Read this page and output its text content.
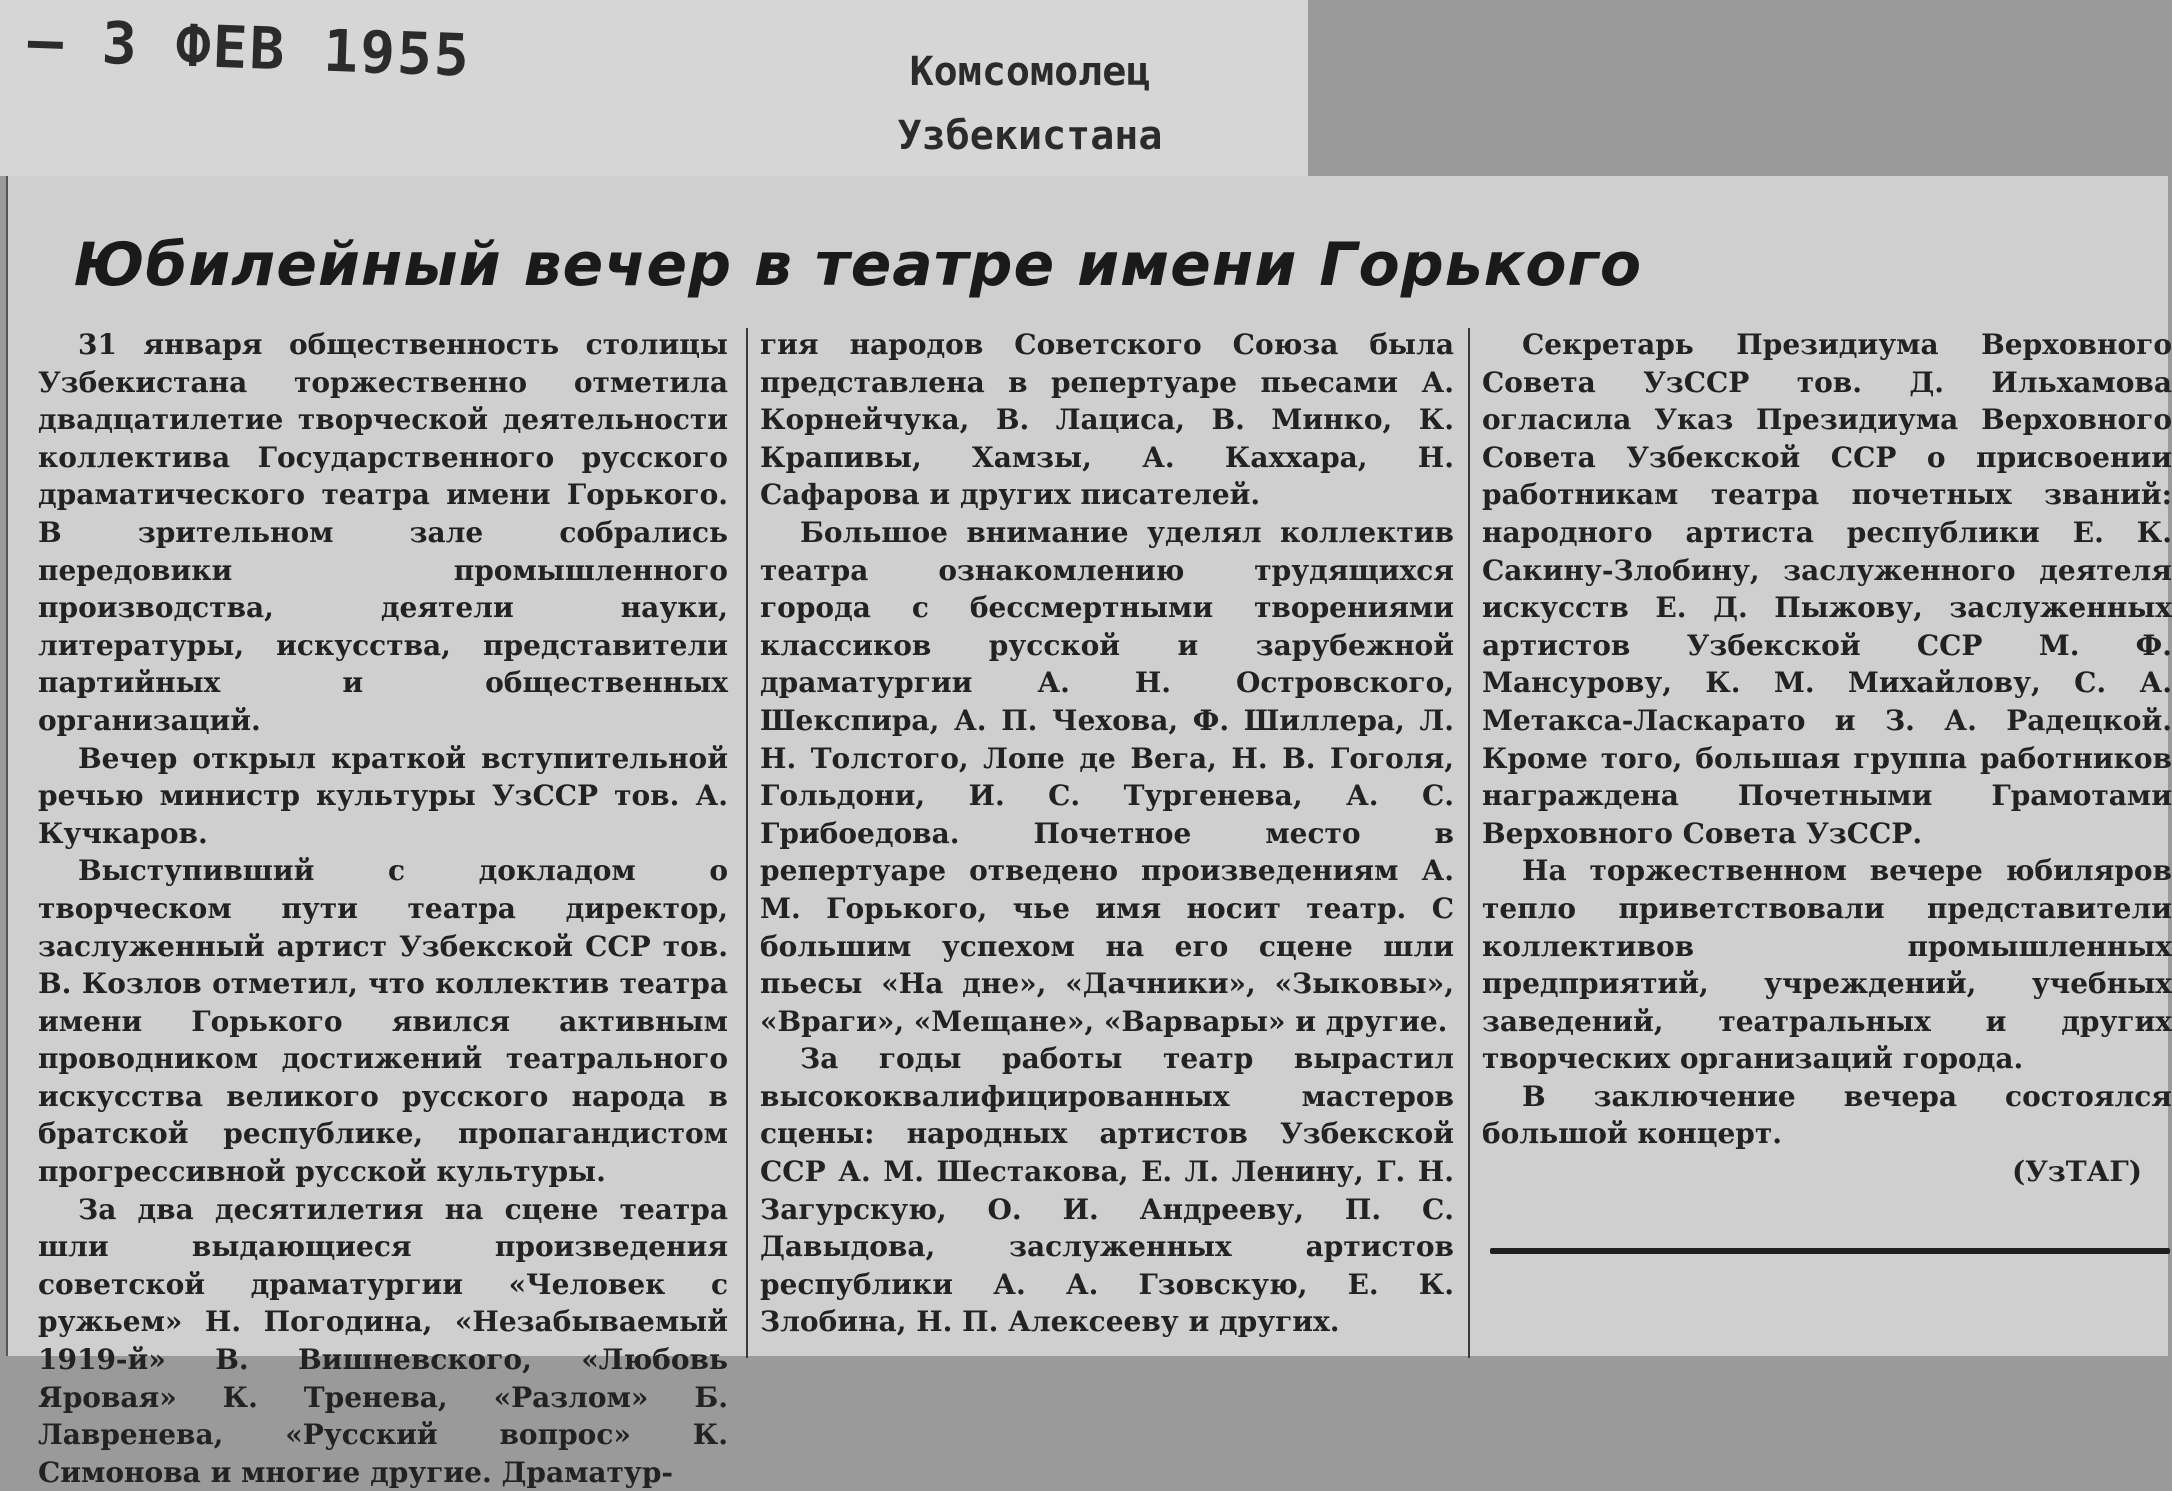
– 3 ФЕВ 1955	Комсомолец Узбекистана
Юбилейный вечер в театре имени Горького

31 января общественность столицы Узбекистана торжественно отметила двадцатилетие творческой деятельности коллектива Государственного русского драматического театра имени Горького. В зрительном зале собрались передовики промышленного производства, деятели науки, литературы, искусства, представители партийных и общественных организаций.

Вечер открыл краткой вступительной речью министр культуры УзССР тов. А. Кучкаров.

Выступивший с докладом о творческом пути театра директор, заслуженный артист Узбекской ССР тов. В. Козлов отметил, что коллектив театра имени Горького явился активным проводником достижений театрального искусства великого русского народа в братской республике, пропагандистом прогрессивной русской культуры.

За два десятилетия на сцене театра шли выдающиеся произведения советской драматургии «Человек с ружьем» Н. Погодина, «Незабываемый 1919-й» В. Вишневского, «Любовь Яровая» К. Тренева, «Разлом» Б. Лавренева, «Русский вопрос» К. Симонова и многие другие. Драматур-

гия народов Советского Союза была представлена в репертуаре пьесами А. Корнейчука, В. Лациса, В. Минко, К. Крапивы, Хамзы, А. Каххара, Н. Сафарова и других писателей.

Большое внимание уделял коллектив театра ознакомлению трудящихся города с бессмертными творениями классиков русской и зарубежной драматургии А. Н. Островского, Шекспира, А. П. Чехова, Ф. Шиллера, Л. Н. Толстого, Лопе де Вега, Н. В. Гоголя, Гольдони, И. С. Тургенева, А. С. Грибоедова. Почетное место в репертуаре отведено произведениям А. М. Горького, чье имя носит театр. С большим успехом на его сцене шли пьесы «На дне», «Дачники», «Зыковы», «Враги», «Мещане», «Варвары» и другие.

За годы работы театр вырастил высококвалифицированных мастеров сцены: народных артистов Узбекской ССР А. М. Шестакова, Е. Л. Ленину, Г. Н. Загурскую, О. И. Андрееву, П. С. Давыдова, заслуженных артистов республики А. А. Гзовскую, Е. К. Злобина, Н. П. Алексееву и других.

Секретарь Президиума Верховного Совета УзССР тов. Д. Ильхамова огласила Указ Президиума Верховного Совета Узбекской ССР о присвоении работникам театра почетных званий: народного артиста республики Е. К. Сакину-Злобину, заслуженного деятеля искусств Е. Д. Пыжову, заслуженных артистов Узбекской ССР М. Ф. Мансурову, К. М. Михайлову, С. А. Метакса-Ласкарато и З. А. Радецкой. Кроме того, большая группа работников награждена Почетными Грамотами Верховного Совета УзССР.

На торжественном вечере юбиляров тепло приветствовали представители коллективов промышленных предприятий, учреждений, учебных заведений, театральных и других творческих организаций города.

В заключение вечера состоялся большой концерт.

(УзТАГ)
